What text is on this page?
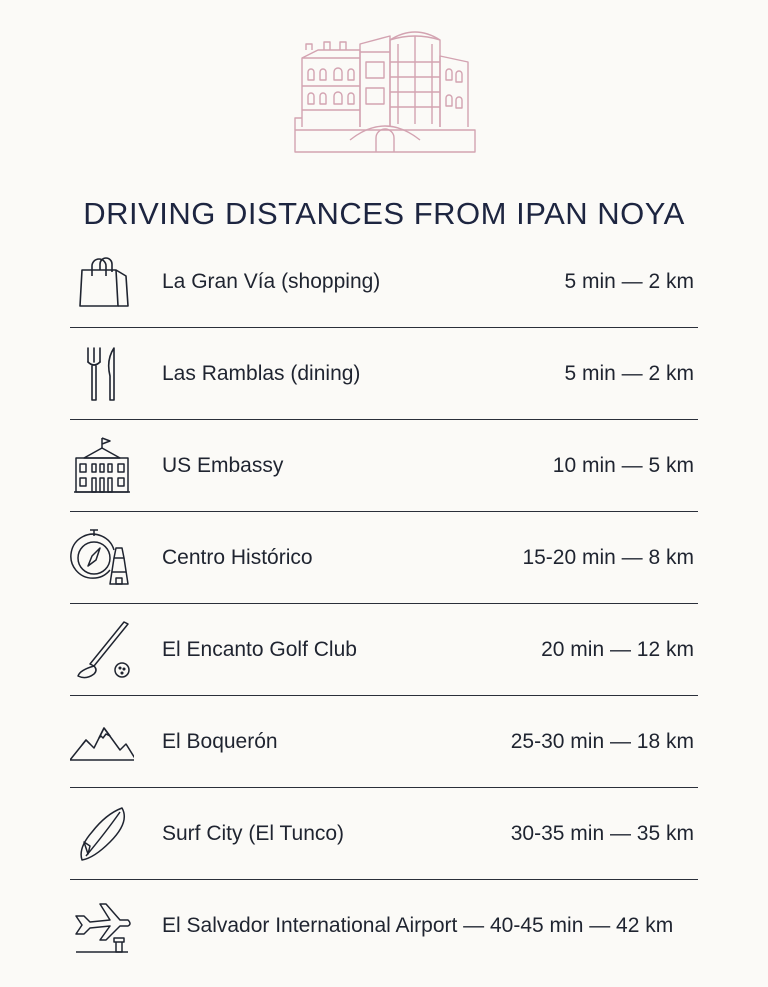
DRIVING DISTANCES FROM IPAN NOYA
La Gran Vía (shopping)	5 min — 2 km
Las Ramblas (dining)	5 min — 2 km
US Embassy	10 min — 5 km
Centro Histórico	15-20 min — 8 km
El Encanto Golf Club	20 min — 12 km
El Boquerón	25-30 min — 18 km
Surf City (El Tunco)	30-35 min — 35 km
El Salvador International Airport — 40-45 min — 42 km
